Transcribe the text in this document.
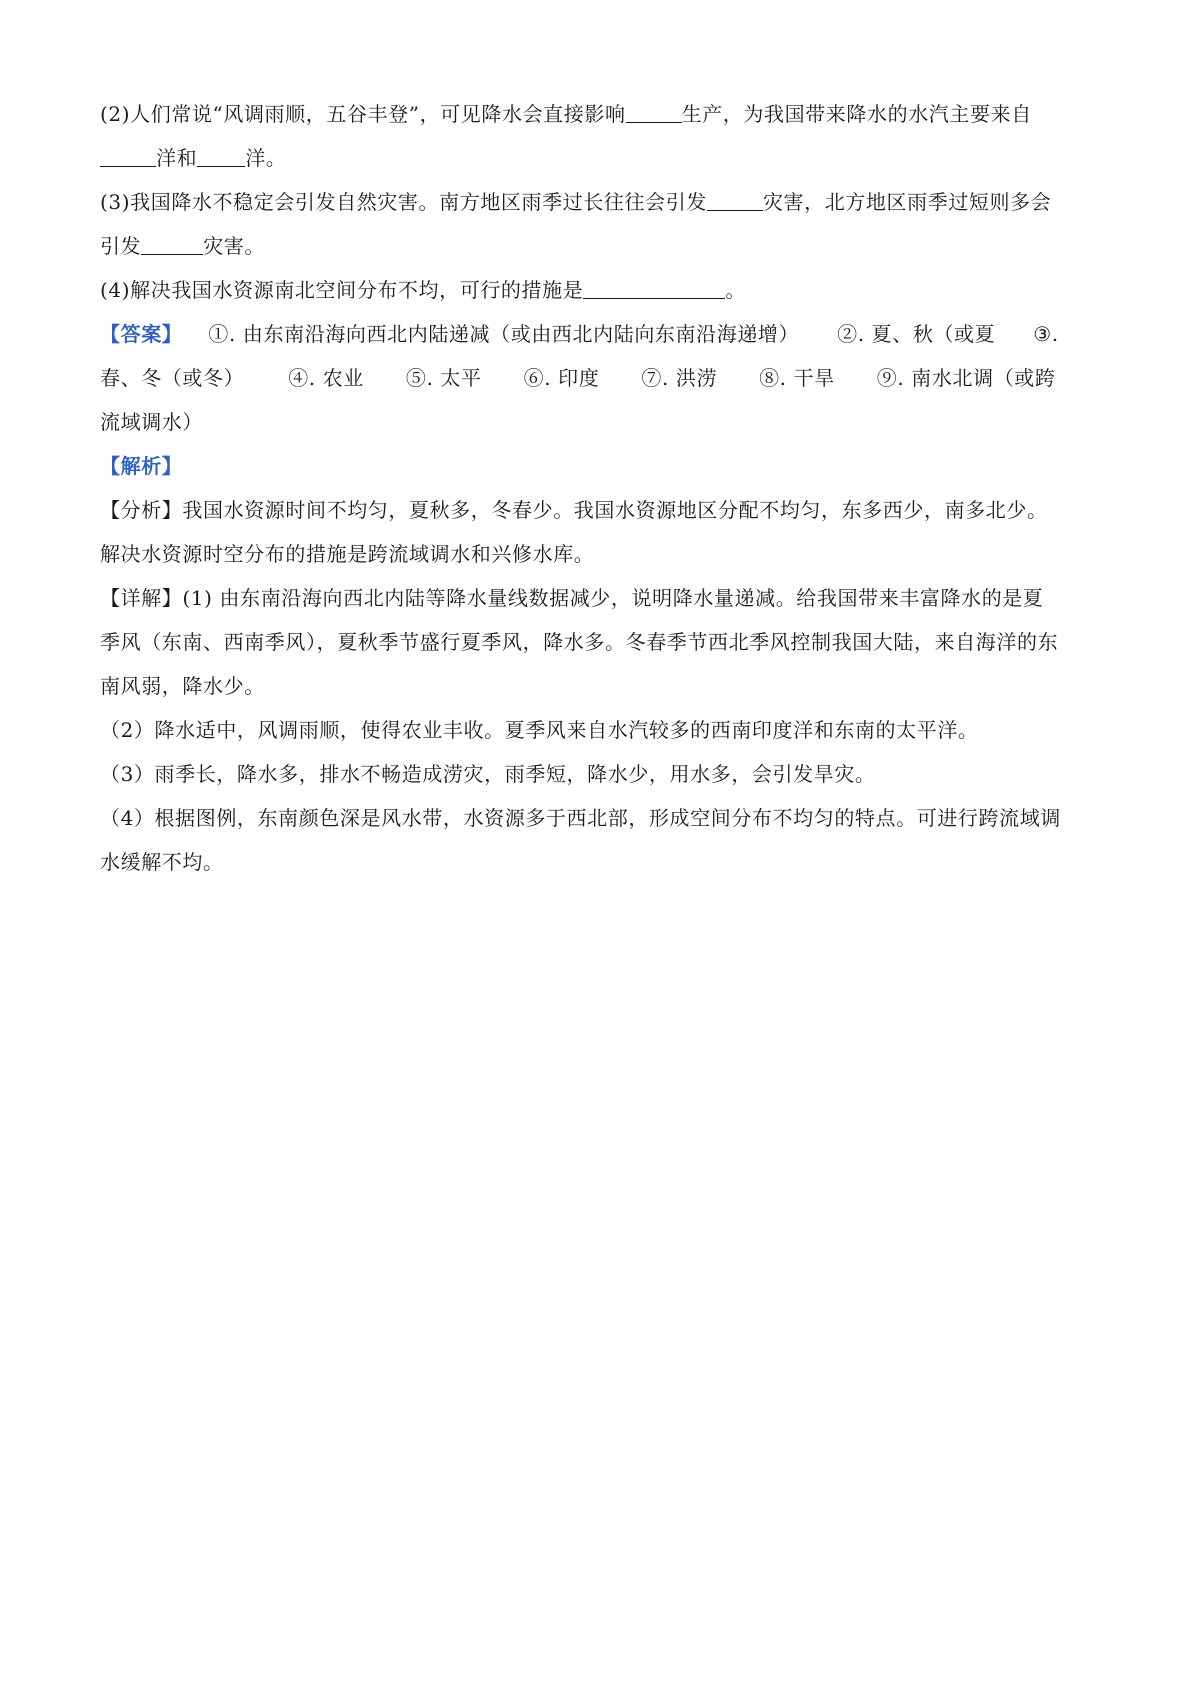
(2)人们常说“风调雨顺，五谷丰登”，可见降水会直接影响	生产，为我国带来降水的水汽主要来自
洋和 洋。
(3)我国降水不稳定会引发自然灾害。南方地区雨季过长往往会引发	灾害，北方地区雨季过短则多会
引发	灾害。
(4)解决我国水资源南北空间分布不均，可行的措施是	。
【答案】 ①. 由东南沿海向西北内陆递减（或由西北内陆向东南沿海递增） ②. 夏、秋（或夏 ③.
春、冬（或冬） ④. 农业 ⑤. 太平 ⑥. 印度 ⑦. 洪涝 ⑧. 干旱 ⑨. 南水北调（或跨
流域调水）
【解析】
【分析】我国水资源时间不均匀，夏秋多，冬春少。我国水资源地区分配不均匀，东多西少，南多北少。
解决水资源时空分布的措施是跨流域调水和兴修水库。
【详解】(1) 由东南沿海向西北内陆等降水量线数据减少，说明降水量递减。给我国带来丰富降水的是夏
季风（东南、西南季风），夏秋季节盛行夏季风，降水多。冬春季节西北季风控制我国大陆，来自海洋的东
南风弱，降水少。
（2）降水适中，风调雨顺，使得农业丰收。夏季风来自水汽较多的西南印度洋和东南的太平洋。
（3）雨季长，降水多，排水不畅造成涝灾，雨季短，降水少，用水多，会引发旱灾。
（4）根据图例，东南颜色深是风水带，水资源多于西北部，形成空间分布不均匀的特点。可进行跨流域调
水缓解不均。
